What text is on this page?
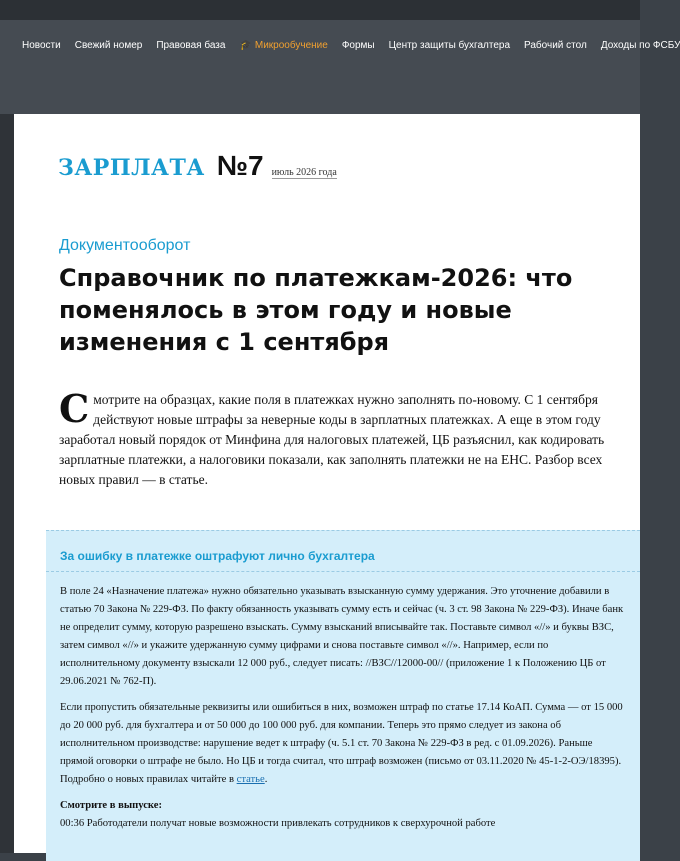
Новости Свежий номер Правовая база 🎓 Микрообучение Формы Центр защиты бухгалтера Рабочий стол Доходы по ФСБУ
ЗАРПЛАТА №7 июль 2026 года
Документооборот
Справочник по платежкам-2026: что поменялось в этом году и новые изменения с 1 сентября
Смотрите на образцах, какие поля в платежках нужно заполнять по-новому. С 1 сентября действуют новые штрафы за неверные коды в зарплатных платежках. А еще в этом году заработал новый порядок от Минфина для налоговых платежей, ЦБ разъяснил, как кодировать зарплатные платежки, а налоговики показали, как заполнять платежки не на ЕНС. Разбор всех новых правил — в статье.
За ошибку в платежке оштрафуют лично бухгалтера

В поле 24 «Назначение платежа» нужно обязательно указывать взысканную сумму удержания. Это уточнение добавили в статью 70 Закона № 229-ФЗ. По факту обязанность указывать сумму есть и сейчас (ч. 3 ст. 98 Закона № 229-ФЗ). Иначе банк не определит сумму, которую разрешено взыскать. Сумму взысканий вписывайте так. Поставьте символ «//» и буквы ВЗС, затем символ «//» и укажите удержанную сумму цифрами и снова поставьте символ «//». Например, если по исполнительному документу взыскали 12 000 руб., следует писать: //ВЗС//12000-00// (приложение 1 к Положению ЦБ от 29.06.2021 № 762-П).

Если пропустить обязательные реквизиты или ошибиться в них, возможен штраф по статье 17.14 КоАП. Сумма — от 15 000 до 20 000 руб. для бухгалтера и от 50 000 до 100 000 руб. для компании. Теперь это прямо следует из закона об исполнительном производстве: нарушение ведет к штрафу (ч. 5.1 ст. 70 Закона № 229-ФЗ в ред. с 01.09.2026). Раньше прямой оговорки о штрафе не было. Но ЦБ и тогда считал, что штраф возможен (письмо от 03.11.2020 № 45-1-2-ОЭ/18395). Подробно о новых правилах читайте в статье.

Смотрите в выпуске:
00:36 Работодатели получат новые возможности привлекать сотрудников к сверхурочной работе
